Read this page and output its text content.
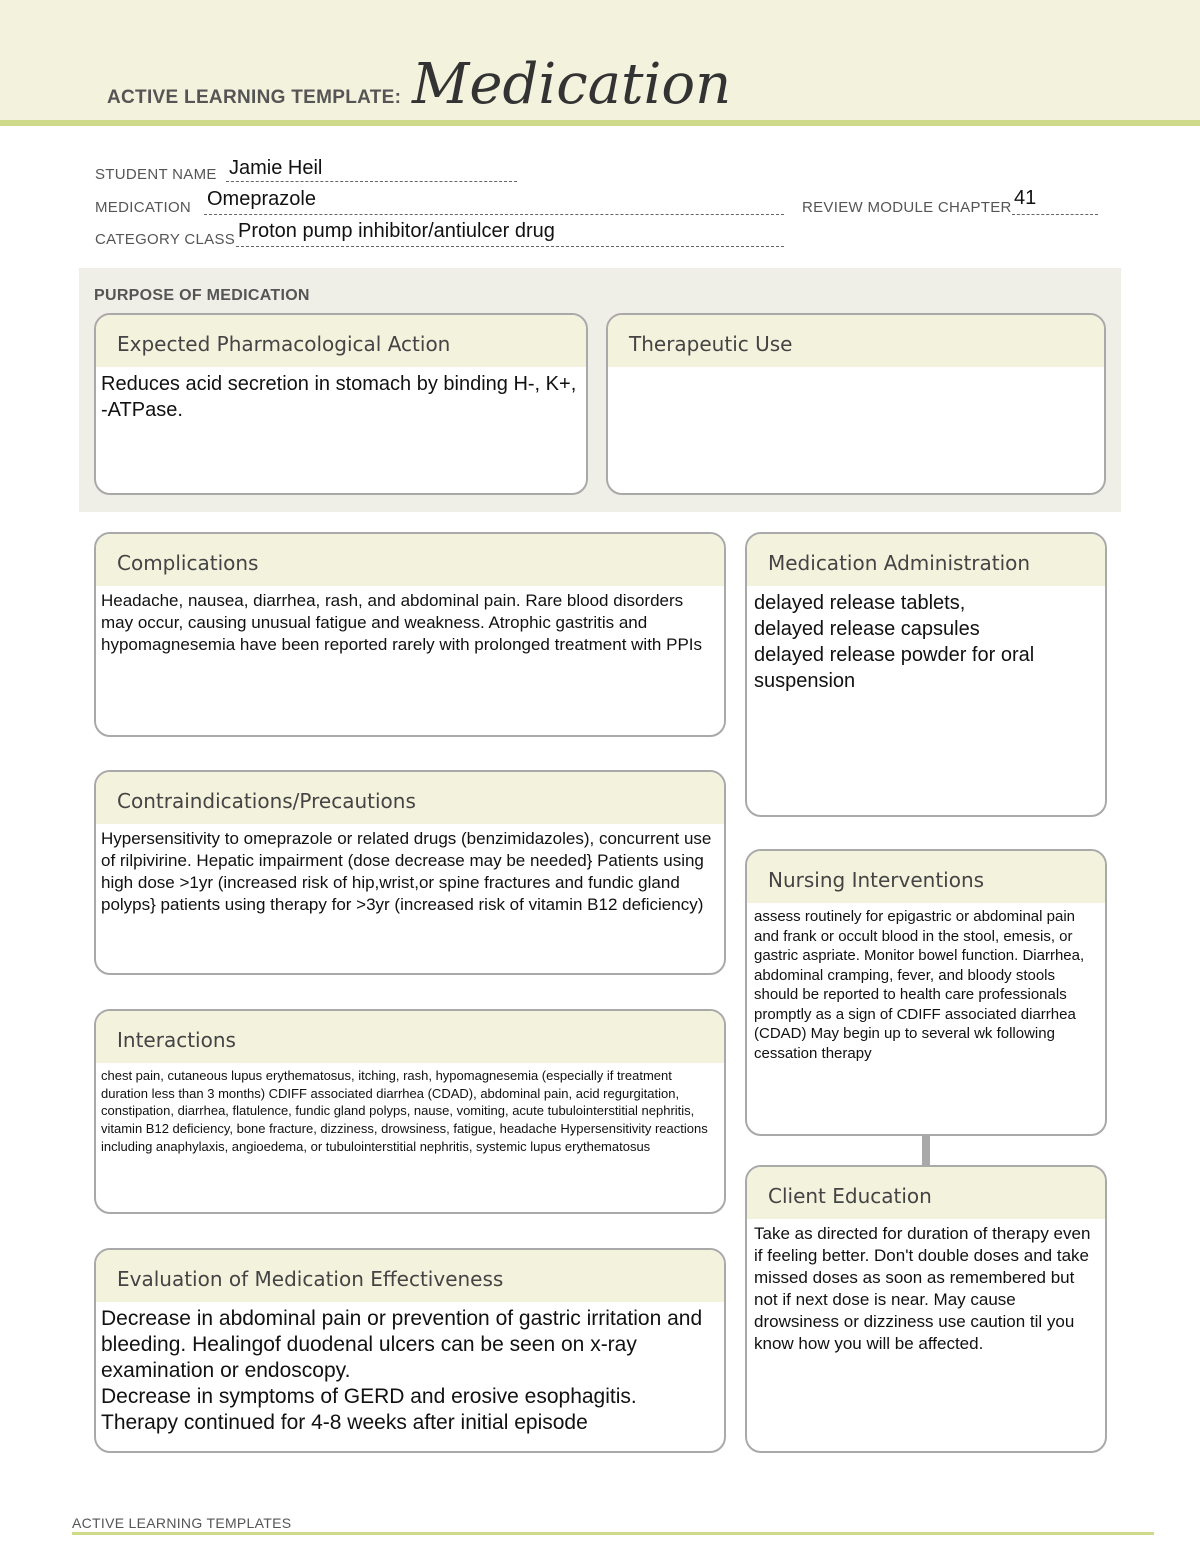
ACTIVE LEARNING TEMPLATE: Medication
STUDENT NAME Jamie Heil
MEDICATION Omeprazole	REVIEW MODULE CHAPTER 41
CATEGORY CLASS Proton pump inhibitor/antiulcer drug
PURPOSE OF MEDICATION
Expected Pharmacological Action
Reduces acid secretion in stomach by binding H-, K+, -ATPase.
Therapeutic Use
Complications
Headache, nausea, diarrhea, rash, and abdominal pain. Rare blood disorders may occur, causing unusual fatigue and weakness. Atrophic gastritis and hypomagnesemia have been reported rarely with prolonged treatment with PPIs
Medication Administration
delayed release tablets,
delayed release capsules
delayed release powder for oral suspension
Contraindications/Precautions
Hypersensitivity to omeprazole or related drugs (benzimidazoles), concurrent use of rilpivirine. Hepatic impairment (dose decrease may be needed} Patients using high dose >1yr (increased risk of hip,wrist,or spine fractures and fundic gland polyps} patients using therapy for >3yr (increased risk of vitamin B12 deficiency)
Nursing Interventions
assess routinely for epigastric or abdominal pain and frank or occult blood in the stool, emesis, or gastric aspriate. Monitor bowel function. Diarrhea, abdominal cramping, fever, and bloody stools should be reported to health care professionals promptly as a sign of CDIFF associated diarrhea (CDAD) May begin up to several wk following cessation therapy
Interactions
chest pain, cutaneous lupus erythematosus, itching, rash, hypomagnesemia (especially if treatment duration less than 3 months) CDIFF associated diarrhea (CDAD), abdominal pain, acid regurgitation, constipation, diarrhea, flatulence, fundic gland polyps, nause, vomiting, acute tubulointerstitial nephritis, vitamin B12 deficiency, bone fracture, dizziness, drowsiness, fatigue, headache Hypersensitivity reactions including anaphylaxis, angioedema, or tubulointerstitial nephritis, systemic lupus erythematosus
Client Education
Take as directed for duration of therapy even if feeling better. Don't double doses and take missed doses as soon as remembered but not if next dose is near. May cause drowsiness or dizziness use caution til you know how you will be affected.
Evaluation of Medication Effectiveness
Decrease in abdominal pain or prevention of gastric irritation and bleeding. Healingof duodenal ulcers can be seen on x-ray examination or endoscopy.
Decrease in symptoms of GERD and erosive esophagitis. Therapy continued for 4-8 weeks after initial episode
ACTIVE LEARNING TEMPLATES
